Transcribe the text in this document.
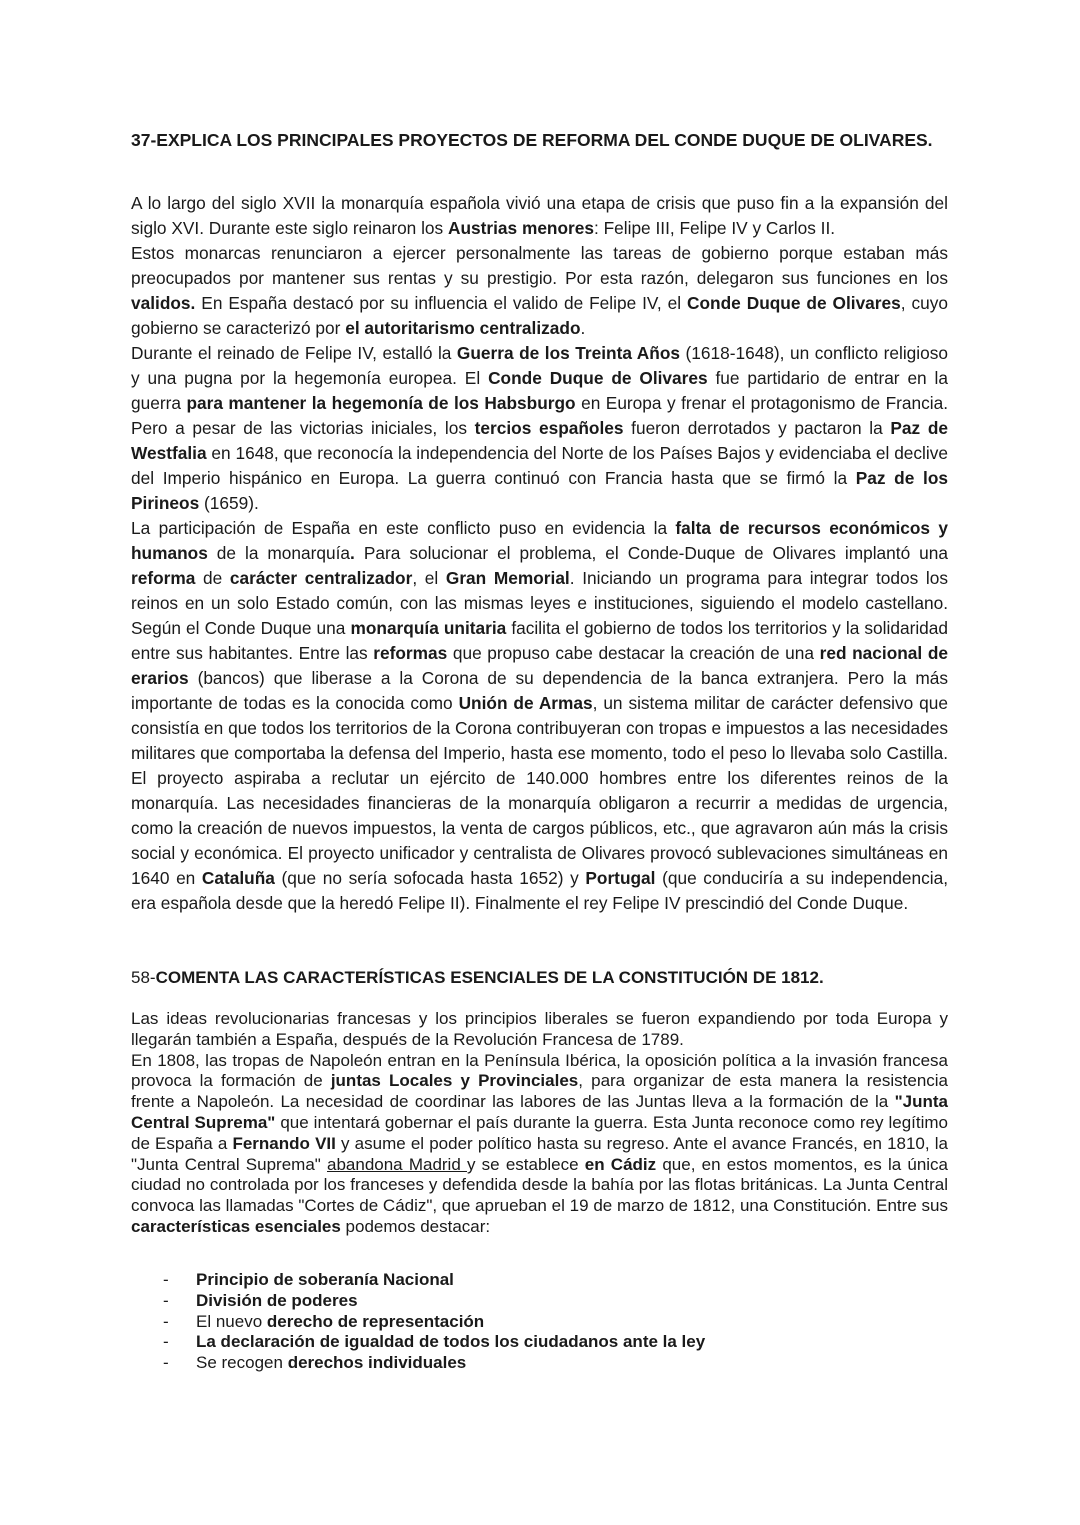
37-EXPLICA LOS PRINCIPALES PROYECTOS DE REFORMA DEL CONDE DUQUE DE OLIVARES.

A lo largo del siglo XVII la monarquía española vivió una etapa de crisis que puso fin a la expansión del siglo XVI. Durante este siglo reinaron los Austrias menores: Felipe III, Felipe IV y Carlos II.

Estos monarcas renunciaron a ejercer personalmente las tareas de gobierno porque estaban más preocupados por mantener sus rentas y su prestigio. Por esta razón, delegaron sus funciones en los validos. En España destacó por su influencia el valido de Felipe IV, el Conde Duque de Olivares, cuyo gobierno se caracterizó por el autoritarismo centralizado.

Durante el reinado de Felipe IV, estalló la Guerra de los Treinta Años (1618-1648), un conflicto religioso y una pugna por la hegemonía europea. El Conde Duque de Olivares fue partidario de entrar en la guerra para mantener la hegemonía de los Habsburgo en Europa y frenar el protagonismo de Francia. Pero a pesar de las victorias iniciales, los tercios españoles fueron derrotados y pactaron la Paz de Westfalia en 1648, que reconocía la independencia del Norte de los Países Bajos y evidenciaba el declive del Imperio hispánico en Europa. La guerra continuó con Francia hasta que se firmó la Paz de los Pirineos (1659).

La participación de España en este conflicto puso en evidencia la falta de recursos económicos y humanos de la monarquía. Para solucionar el problema, el Conde-Duque de Olivares implantó una reforma de carácter centralizador, el Gran Memorial. Iniciando un programa para integrar todos los reinos en un solo Estado común, con las mismas leyes e instituciones, siguiendo el modelo castellano. Según el Conde Duque una monarquía unitaria facilita el gobierno de todos los territorios y la solidaridad entre sus habitantes. Entre las reformas que propuso cabe destacar la creación de una red nacional de erarios (bancos) que liberase a la Corona de su dependencia de la banca extranjera. Pero la más importante de todas es la conocida como Unión de Armas, un sistema militar de carácter defensivo que consistía en que todos los territorios de la Corona contribuyeran con tropas e impuestos a las necesidades militares que comportaba la defensa del Imperio, hasta ese momento, todo el peso lo llevaba solo Castilla. El proyecto aspiraba a reclutar un ejército de 140.000 hombres entre los diferentes reinos de la monarquía. Las necesidades financieras de la monarquía obligaron a recurrir a medidas de urgencia, como la creación de nuevos impuestos, la venta de cargos públicos, etc., que agravaron aún más la crisis social y económica. El proyecto unificador y centralista de Olivares provocó sublevaciones simultáneas en 1640 en Cataluña (que no sería sofocada hasta 1652) y Portugal (que conduciría a su independencia, era española desde que la heredó Felipe II). Finalmente el rey Felipe IV prescindió del Conde Duque.

58-COMENTA LAS CARACTERÍSTICAS ESENCIALES DE LA CONSTITUCIÓN DE 1812.

Las ideas revolucionarias francesas y los principios liberales se fueron expandiendo por toda Europa y llegarán también a España, después de la Revolución Francesa de 1789.

En 1808, las tropas de Napoleón entran en la Península Ibérica, la oposición política a la invasión francesa provoca la formación de juntas Locales y Provinciales, para organizar de esta manera la resistencia frente a Napoleón. La necesidad de coordinar las labores de las Juntas lleva a la formación de la "Junta Central Suprema" que intentará gobernar el país durante la guerra. Esta Junta reconoce como rey legítimo de España a Fernando VII y asume el poder político hasta su regreso. Ante el avance Francés, en 1810, la "Junta Central Suprema" abandona Madrid y se establece en Cádiz que, en estos momentos, es la única ciudad no controlada por los franceses y defendida desde la bahía por las flotas británicas. La Junta Central convoca las llamadas "Cortes de Cádiz", que aprueban el 19 de marzo de 1812, una Constitución. Entre sus características esenciales podemos destacar:

- Principio de soberanía Nacional
- División de poderes
- El nuevo derecho de representación
- La declaración de igualdad de todos los ciudadanos ante la ley
- Se recogen derechos individuales
